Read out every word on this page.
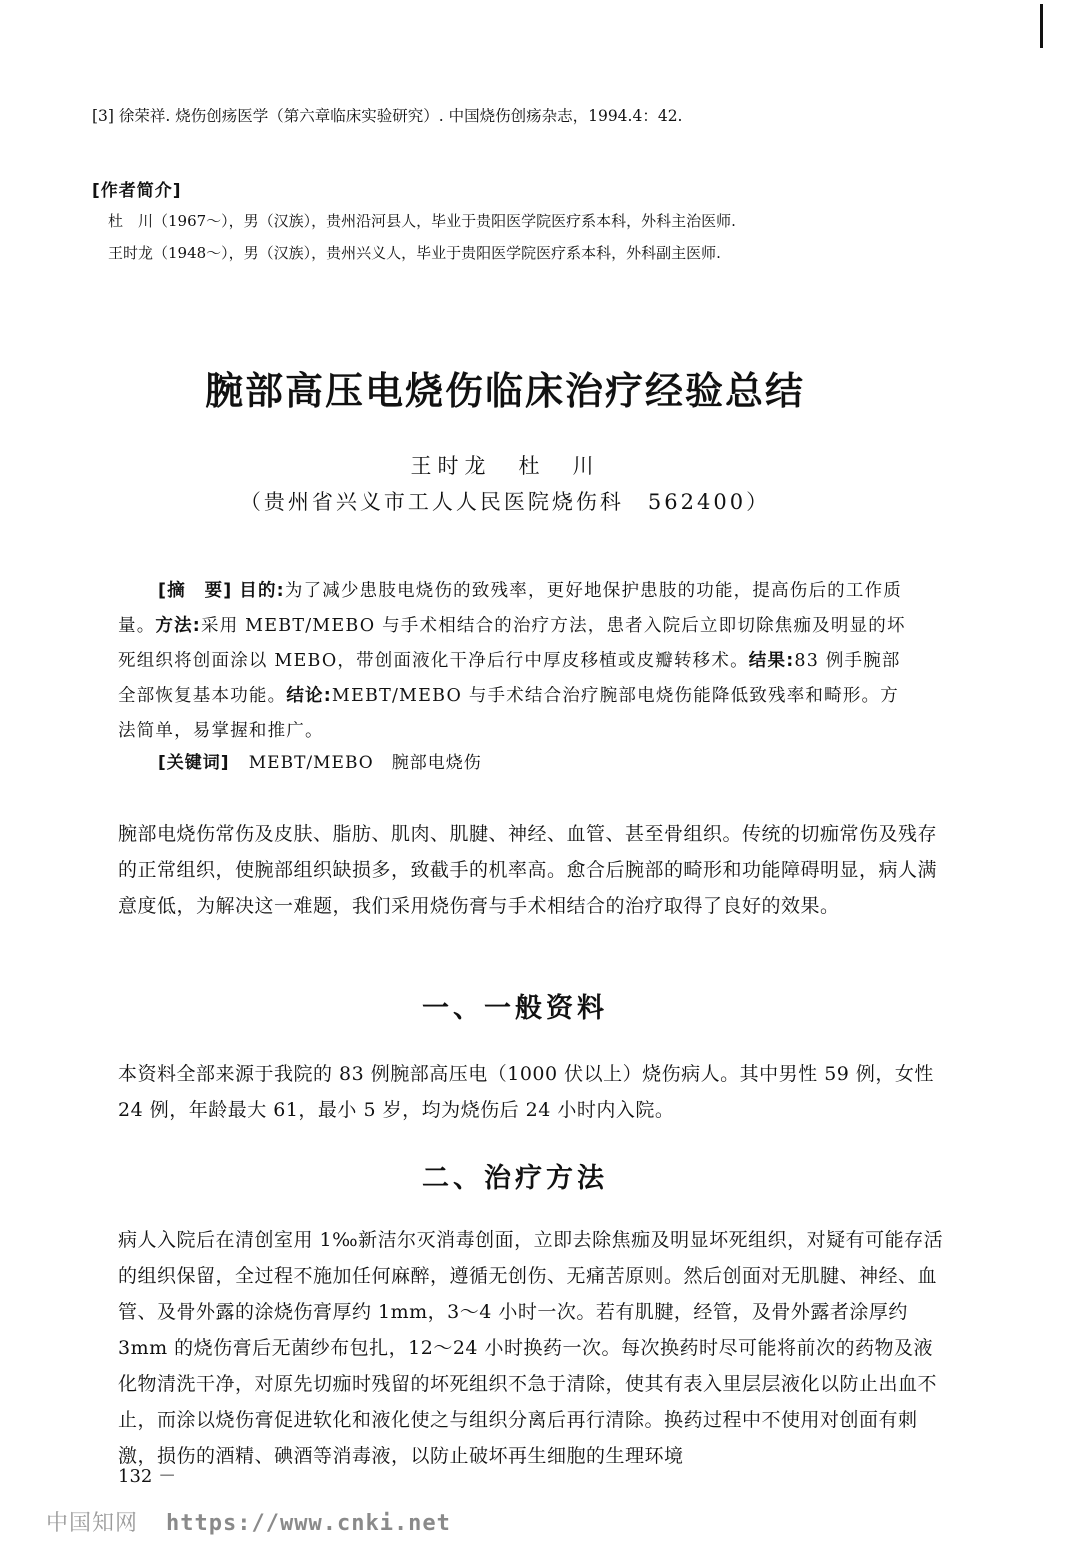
[3] 徐荣祥. 烧伤创疡医学（第六章临床实验研究）. 中国烧伤创疡杂志，1994.4：42.
[作者简介]
杜　川（1967～），男（汉族），贵州沿河县人，毕业于贵阳医学院医疗系本科，外科主治医师.
王时龙（1948～），男（汉族），贵州兴义人，毕业于贵阳医学院医疗系本科，外科副主医师.
腕部高压电烧伤临床治疗经验总结
王时龙　杜　川
（贵州省兴义市工人人民医院烧伤科　562400）

[摘　要] 目的:为了减少患肢电烧伤的致残率，更好地保护患肢的功能，提高伤后的工作质量。方法:采用 MEBT/MEBO 与手术相结合的治疗方法，患者入院后立即切除焦痂及明显的坏死组织将创面涂以 MEBO，带创面液化干净后行中厚皮移植或皮瓣转移术。结果:83 例手腕部全部恢复基本功能。结论:MEBT/MEBO 与手术结合治疗腕部电烧伤能降低致残率和畸形。方法简单，易掌握和推广。

[关键词] MEBT/MEBO　腕部电烧伤

腕部电烧伤常伤及皮肤、脂肪、肌肉、肌腱、神经、血管、甚至骨组织。传统的切痂常伤及残存的正常组织，使腕部组织缺损多，致截手的机率高。愈合后腕部的畸形和功能障碍明显，病人满意度低，为解决这一难题，我们采用烧伤膏与手术相结合的治疗取得了良好的效果。

一、一般资料

本资料全部来源于我院的 83 例腕部高压电（1000 伏以上）烧伤病人。其中男性 59 例，女性 24 例，年龄最大 61，最小 5 岁，均为烧伤后 24 小时内入院。

二、治疗方法

病人入院后在清创室用 1‰新洁尔灭消毒创面，立即去除焦痂及明显坏死组织，对疑有可能存活的组织保留，全过程不施加任何麻醉，遵循无创伤、无痛苦原则。然后创面对无肌腱、神经、血管、及骨外露的涂烧伤膏厚约 1mm，3～4 小时一次。若有肌腱，经管，及骨外露者涂厚约 3mm 的烧伤膏后无菌纱布包扎，12～24 小时换药一次。每次换药时尽可能将前次的药物及液化物清洗干净，对原先切痂时残留的坏死组织不急于清除，使其有表入里层层液化以防止出血不止，而涂以烧伤膏促进软化和液化使之与组织分离后再行清除。换药过程中不使用对创面有刺激，损伤的酒精、碘酒等消毒液，以防止破坏再生细胞的生理环境

132 －
中国知网 https://www.cnki.net
